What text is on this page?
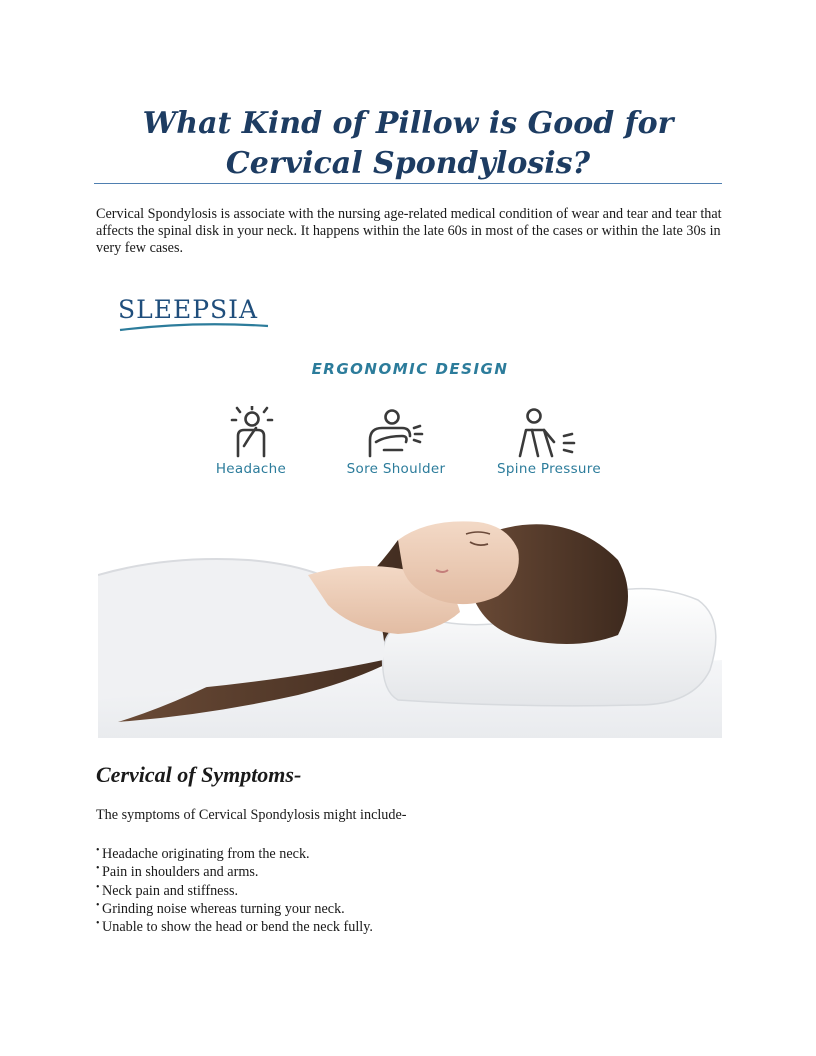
What Kind of Pillow is Good for
Cervical Spondylosis?

Cervical Spondylosis is associate with the nursing age-related medical condition of wear and tear and tear that affects the spinal disk in your neck. It happens within the late 60s in most of the cases or within the late 30s in very few cases.

SLEEPSIA
ERGONOMIC DESIGN
Headache	Sore Shoulder	Spine Pressure
Cervical of Symptoms-

The symptoms of Cervical Spondylosis might include-

• Headache originating from the neck.
• Pain in shoulders and arms.
• Neck pain and stiffness.
• Grinding noise whereas turning your neck.
• Unable to show the head or bend the neck fully.
